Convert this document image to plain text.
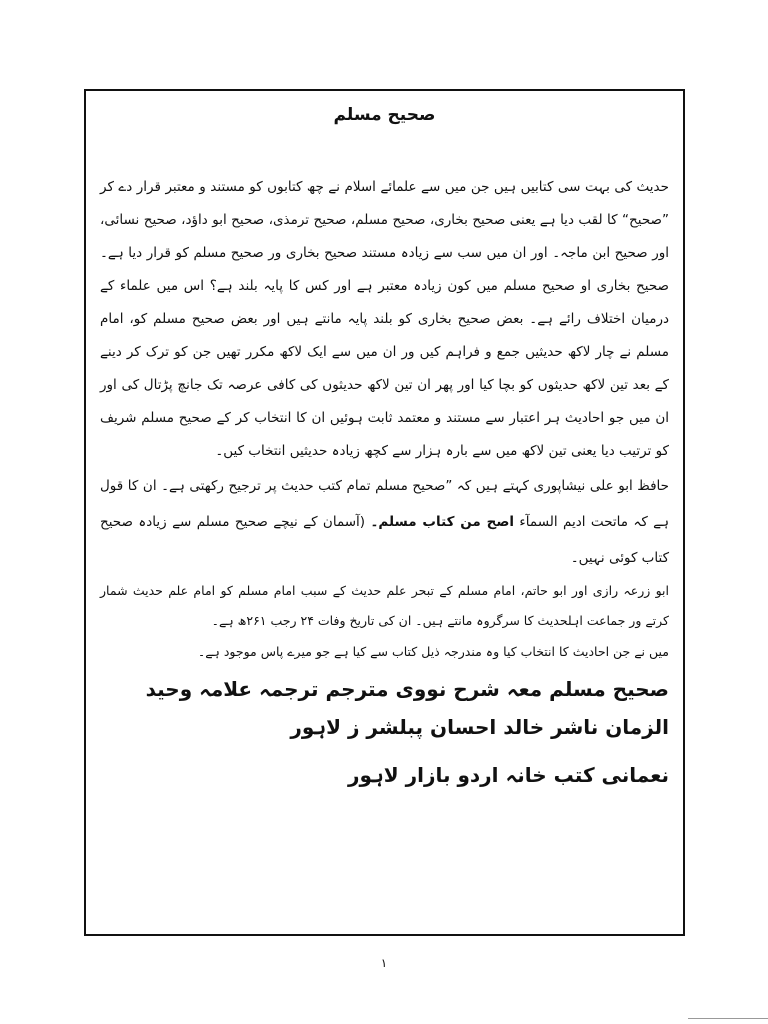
صحیح مسلم

حدیث کی بہت سی کتابیں ہیں جن میں سے علمائے اسلام نے چھ کتابوں کو مستند و معتبر قرار دے کر ”صحیح“ کا لقب دیا ہے یعنی صحیح بخاری، صحیح مسلم، صحیح ترمذی، صحیح ابو داؤد، صحیح نسائی، اور صحیح ابن ماجہ۔ اور ان میں سب سے زیادہ مستند صحیح بخاری ور صحیح مسلم کو قرار دیا ہے۔ صحیح بخاری او صحیح مسلم میں کون زیادہ معتبر ہے اور کس کا پایہ بلند ہے؟ اس میں علماء کے درمیان اختلاف رائے ہے۔ بعض صحیح بخاری کو بلند پایہ مانتے ہیں اور بعض صحیح مسلم کو، امام مسلم نے چار لاکھ حدیثیں جمع و فراہم کیں ور ان میں سے ایک لاکھ مکرر تھیں جن کو ترک کر دینے کے بعد تین لاکھ حدیثوں کو بچا کیا اور پھر ان تین لاکھ حدیثوں کی کافی عرصہ تک جانچ پڑتال کی اور ان میں جو احادیث ہر اعتبار سے مستند و معتمد ثابت ہوئیں ان کا انتخاب کر کے صحیح مسلم شریف کو ترتیب دیا یعنی تین لاکھ میں سے بارہ ہزار سے کچھ زیادہ حدیثیں انتخاب کیں۔

حافظ ابو علی نیشاپوری کہتے ہیں کہ ”صحیح مسلم تمام کتب حدیث پر ترجیح رکھتی ہے۔ ان کا قول ہے کہ ماتحت ادیم السمآء اصح من کتاب مسلم۔ (آسمان کے نیچے صحیح مسلم سے زیادہ صحیح کتاب کوئی نہیں۔

ابو زرعہ رازی اور ابو حاتم، امام مسلم کے تبحر علم حدیث کے سبب امام مسلم کو امام علم حدیث شمار کرتے ور جماعت اہلحدیث کا سرگروہ مانتے ہیں۔ ان کی تاریخ وفات ۲۴ رجب ۲۶۱ھ ہے۔

میں نے جن احادیث کا انتخاب کیا وہ مندرجہ ذیل کتاب سے کیا ہے جو میرے پاس موجود ہے۔

صحیح مسلم معہ شرح نووی مترجم ترجمہ علامہ وحید الزمان ناشر خالد احسان پبلشر ز لاہور

نعمانی کتب خانہ اردو بازار لاہور

۱
